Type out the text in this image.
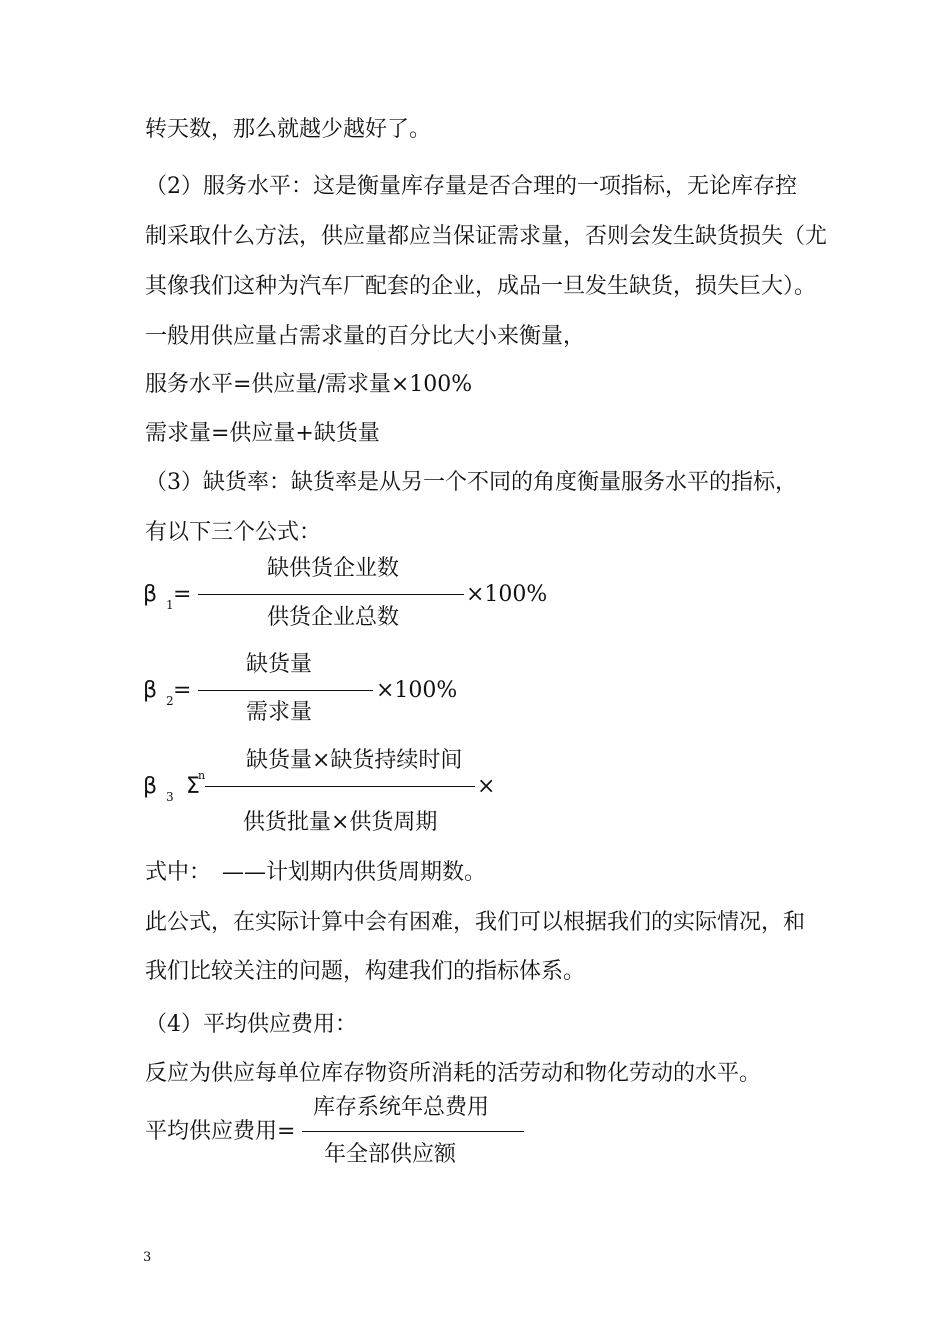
转天数，那么就越少越好了。
（2）服务水平：这是衡量库存量是否合理的一项指标，无论库存控
制采取什么方法，供应量都应当保证需求量，否则会发生缺货损失（尤
其像我们这种为汽车厂配套的企业，成品一旦发生缺货，损失巨大）。
一般用供应量占需求量的百分比大小来衡量，
服务水平=供应量/需求量×100%
需求量=供应量+缺货量
（3）缺货率：缺货率是从另一个不同的角度衡量服务水平的指标，
有以下三个公式：
β 1 =
缺供货企业数
×100%
供货企业总数
β 2 =
缺货量
×100%
需求量
β 3 Σ
n
缺货量×缺货持续时间
×
供货批量×供货周期
式中：　——计划期内供货周期数。
此公式，在实际计算中会有困难，我们可以根据我们的实际情况，和
我们比较关注的问题，构建我们的指标体系。
（4）平均供应费用：
反应为供应每单位库存物资所消耗的活劳动和物化劳动的水平。
平均供应费用=
库存系统年总费用
年全部供应额
3
